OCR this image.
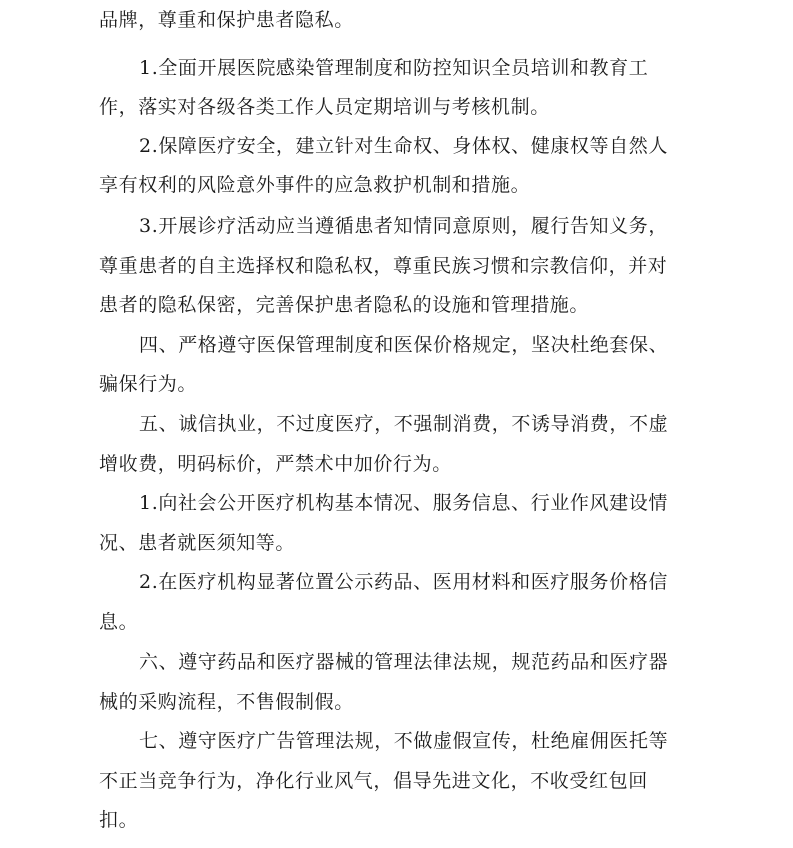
品牌，尊重和保护患者隐私。
1.全面开展医院感染管理制度和防控知识全员培训和教育工
作，落实对各级各类工作人员定期培训与考核机制。
2.保障医疗安全，建立针对生命权、身体权、健康权等自然人
享有权利的风险意外事件的应急救护机制和措施。
3.开展诊疗活动应当遵循患者知情同意原则，履行告知义务，
尊重患者的自主选择权和隐私权，尊重民族习惯和宗教信仰，并对
患者的隐私保密，完善保护患者隐私的设施和管理措施。
四、严格遵守医保管理制度和医保价格规定，坚决杜绝套保、
骗保行为。
五、诚信执业，不过度医疗，不强制消费，不诱导消费，不虚
增收费，明码标价，严禁术中加价行为。
1.向社会公开医疗机构基本情况、服务信息、行业作风建设情
况、患者就医须知等。
2.在医疗机构显著位置公示药品、医用材料和医疗服务价格信
息。
六、遵守药品和医疗器械的管理法律法规，规范药品和医疗器
械的采购流程，不售假制假。
七、遵守医疗广告管理法规，不做虚假宣传，杜绝雇佣医托等
不正当竞争行为，净化行业风气，倡导先进文化，不收受红包回
扣。
